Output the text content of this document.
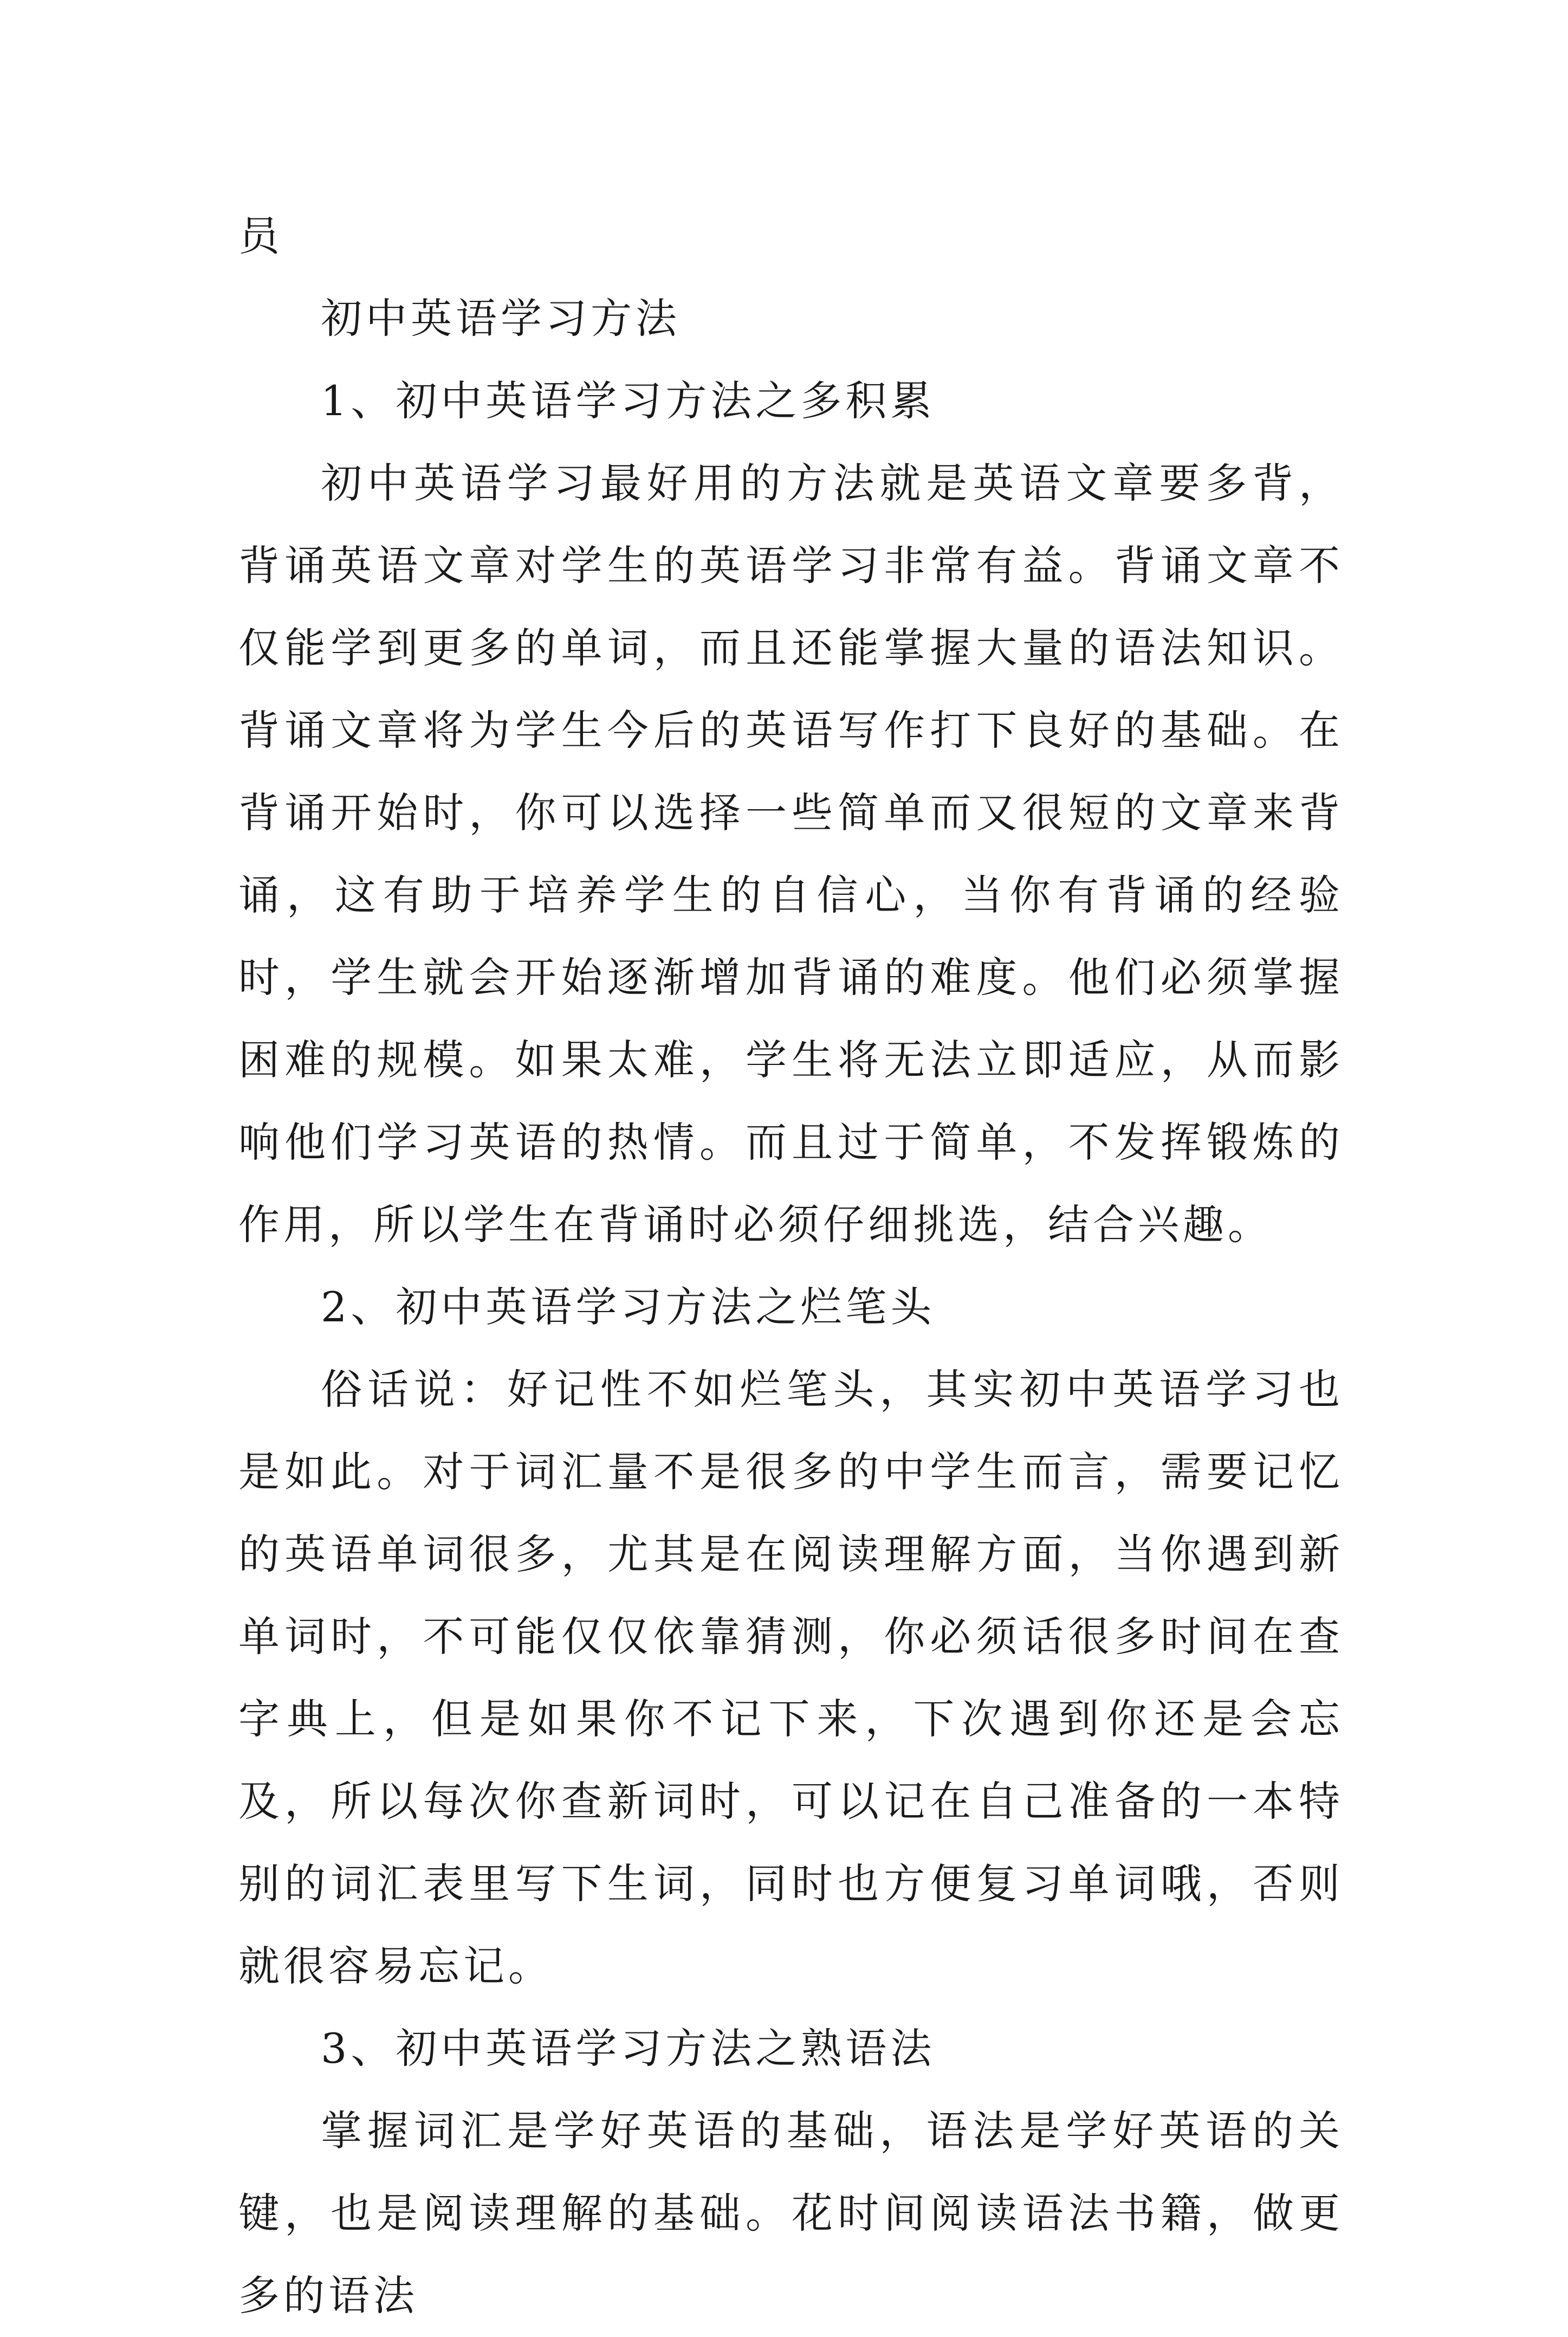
员

初中英语学习方法

1、初中英语学习方法之多积累

初中英语学习最好用的方法就是英语文章要多背，背诵英语文章对学生的英语学习非常有益。背诵文章不仅能学到更多的单词，而且还能掌握大量的语法知识。背诵文章将为学生今后的英语写作打下良好的基础。在背诵开始时，你可以选择一些简单而又很短的文章来背诵，这有助于培养学生的自信心，当你有背诵的经验时，学生就会开始逐渐增加背诵的难度。他们必须掌握困难的规模。如果太难，学生将无法立即适应，从而影响他们学习英语的热情。而且过于简单，不发挥锻炼的作用，所以学生在背诵时必须仔细挑选，结合兴趣。

2、初中英语学习方法之烂笔头

俗话说：好记性不如烂笔头，其实初中英语学习也是如此。对于词汇量不是很多的中学生而言，需要记忆的英语单词很多，尤其是在阅读理解方面，当你遇到新单词时，不可能仅仅依靠猜测，你必须话很多时间在查字典上，但是如果你不记下来，下次遇到你还是会忘及，所以每次你查新词时，可以记在自己准备的一本特别的词汇表里写下生词，同时也方便复习单词哦，否则就很容易忘记。

3、初中英语学习方法之熟语法

掌握词汇是学好英语的基础，语法是学好英语的关键，也是阅读理解的基础。花时间阅读语法书籍，做更多的语法
